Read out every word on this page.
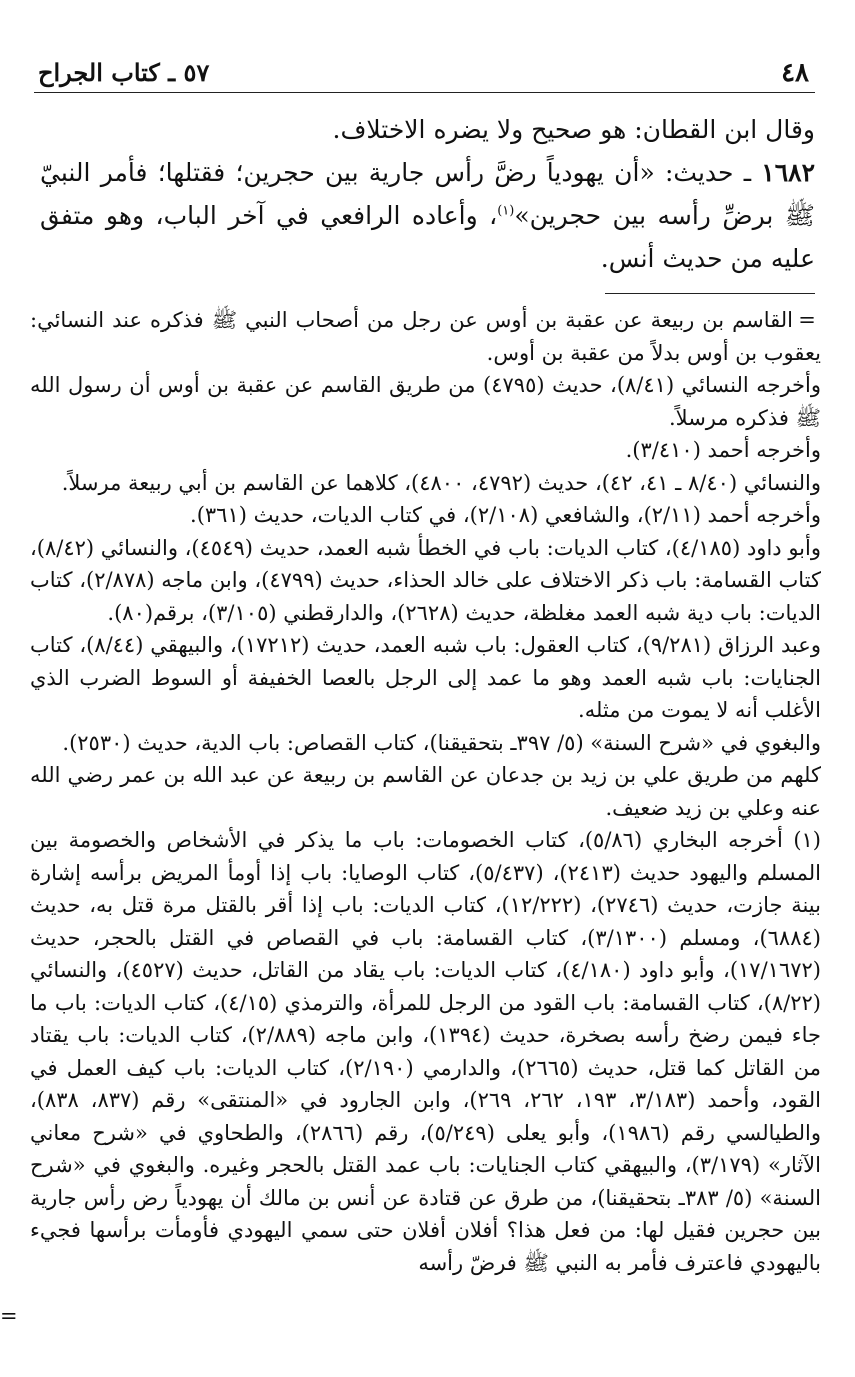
٤٨
٥٧ ـ كتاب الجراح

وقال ابن القطان: هو صحيح ولا يضره الاختلاف.

١٦٨٢ ـ حديث: «أن يهودياً رضَّ رأس جارية بين حجرين؛ فقتلها؛ فأمر النبيّ ﷺ برضِّ رأسه بين حجرين»$^{(١)}$، وأعاده الرافعي في آخر الباب، وهو متفق عليه من حديث أنس.

=القاسم بن ربيعة عن عقبة بن أوس عن رجل من أصحاب النبي ﷺ فذكره عند النسائي: يعقوب بن أوس بدلاً من عقبة بن أوس.

وأخرجه النسائي (٨/٤١)، حديث (٤٧٩٥) من طريق القاسم عن عقبة بن أوس أن رسول الله ﷺ فذكره مرسلاً.

وأخرجه أحمد (٣/٤١٠).

والنسائي (٨/٤٠ ـ ٤١، ٤٢)، حديث (٤٧٩٢، ٤٨٠٠)، كلاهما عن القاسم بن أبي ربيعة مرسلاً.

وأخرجه أحمد (٢/١١)، والشافعي (٢/١٠٨)، في كتاب الديات، حديث (٣٦١).

وأبو داود (٤/١٨٥)، كتاب الديات: باب في الخطأ شبه العمد، حديث (٤٥٤٩)، والنسائي (٨/٤٢)، كتاب القسامة: باب ذكر الاختلاف على خالد الحذاء، حديث (٤٧٩٩)، وابن ماجه (٢/٨٧٨)، كتاب الديات: باب دية شبه العمد مغلظة، حديث (٢٦٢٨)، والدارقطني (٣/١٠٥)، برقم(٨٠).

وعبد الرزاق (٩/٢٨١)، كتاب العقول: باب شبه العمد، حديث (١٧٢١٢)، والبيهقي (٨/٤٤)، كتاب الجنايات: باب شبه العمد وهو ما عمد إلى الرجل بالعصا الخفيفة أو السوط الضرب الذي الأغلب أنه لا يموت من مثله.

والبغوي في «شرح السنة» (٥/ ٣٩٧ـ بتحقيقنا)، كتاب القصاص: باب الدية، حديث (٢٥٣٠).

كلهم من طريق علي بن زيد بن جدعان عن القاسم بن ربيعة عن عبد الله بن عمر رضي الله عنه وعلي بن زيد ضعيف.

(١) أخرجه البخاري (٥/٨٦)، كتاب الخصومات: باب ما يذكر في الأشخاص والخصومة بين المسلم واليهود حديث (٢٤١٣)، (٥/٤٣٧)، كتاب الوصايا: باب إذا أومأ المريض برأسه إشارة بينة جازت، حديث (٢٧٤٦)، (١٢/٢٢٢)، كتاب الديات: باب إذا أقر بالقتل مرة قتل به، حديث (٦٨٨٤)، ومسلم (٣/١٣٠٠)، كتاب القسامة: باب في القصاص في القتل بالحجر، حديث (١٧/١٦٧٢)، وأبو داود (٤/١٨٠)، كتاب الديات: باب يقاد من القاتل، حديث (٤٥٢٧)، والنسائي (٨/٢٢)، كتاب القسامة: باب القود من الرجل للمرأة، والترمذي (٤/١٥)، كتاب الديات: باب ما جاء فيمن رضخ رأسه بصخرة، حديث (١٣٩٤)، وابن ماجه (٢/٨٨٩)، كتاب الديات: باب يقتاد من القاتل كما قتل، حديث (٢٦٦٥)، والدارمي (٢/١٩٠)، كتاب الديات: باب كيف العمل في القود، وأحمد (٣/١٨٣، ١٩٣، ٢٦٢، ٢٦٩)، وابن الجارود في «المنتقى» رقم (٨٣٧، ٨٣٨)، والطيالسي رقم (١٩٨٦)، وأبو يعلى (٥/٢٤٩)، رقم (٢٨٦٦)، والطحاوي في «شرح معاني الآثار» (٣/١٧٩)، والبيهقي كتاب الجنايات: باب عمد القتل بالحجر وغيره. والبغوي في «شرح السنة» (٥/ ٣٨٣ـ بتحقيقنا)، من طرق عن قتادة عن أنس بن مالك أن يهودياً رض رأس جارية بين حجرين فقيل لها: من فعل هذا؟ أفلان أفلان حتى سمي اليهودي فأومأت برأسها فجيء باليهودي فاعترف فأمر به النبي ﷺ فرضّ رأسه

=
